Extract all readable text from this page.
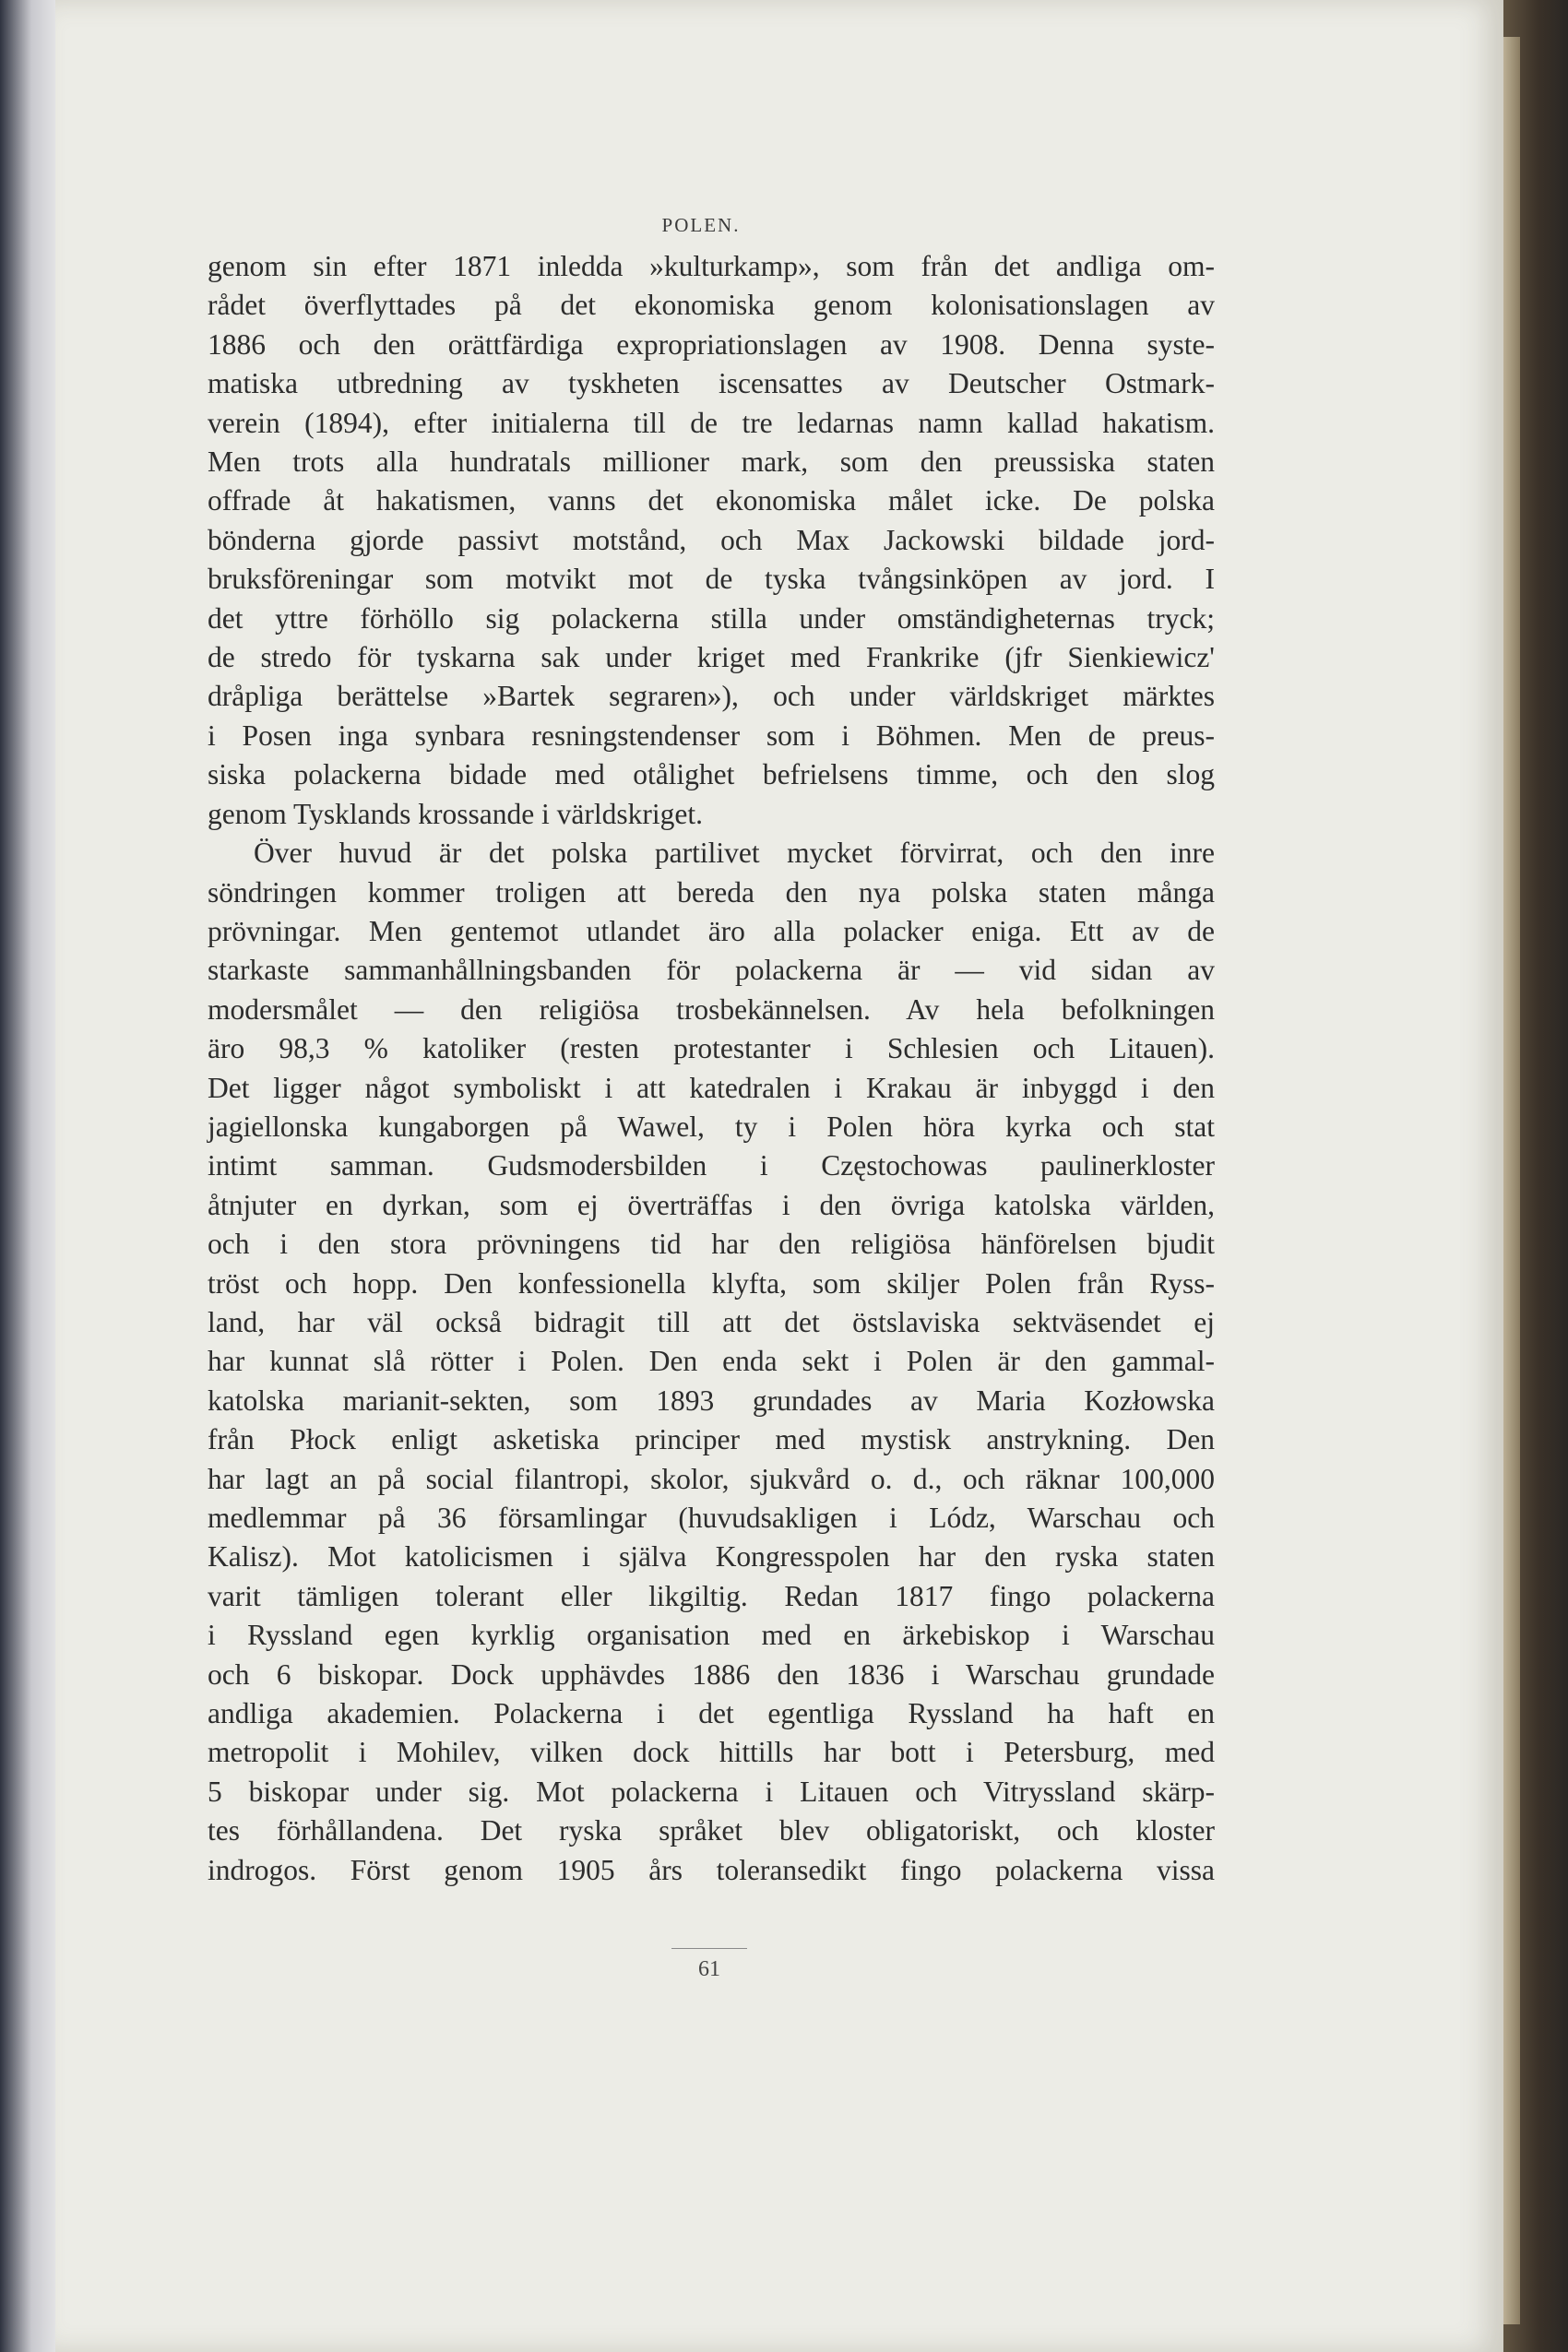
POLEN.
genom sin efter 1871 inledda »kulturkamp», som från det andliga om-
rådet överflyttades på det ekonomiska genom kolonisationslagen av
1886 och den orättfärdiga expropriationslagen av 1908. Denna syste-
matiska utbredning av tyskheten iscensattes av Deutscher Ostmark-
verein (1894), efter initialerna till de tre ledarnas namn kallad hakatism.
Men trots alla hundratals millioner mark, som den preussiska staten
offrade åt hakatismen, vanns det ekonomiska målet icke. De polska
bönderna gjorde passivt motstånd, och Max Jackowski bildade jord-
bruksföreningar som motvikt mot de tyska tvångsinköpen av jord. I
det yttre förhöllo sig polackerna stilla under omständigheternas tryck;
de stredo för tyskarna sak under kriget med Frankrike (jfr Sienkiewicz'
dråpliga berättelse »Bartek segraren»), och under världskriget märktes
i Posen inga synbara resningstendenser som i Böhmen. Men de preus-
siska polackerna bidade med otålighet befrielsens timme, och den slog
genom Tysklands krossande i världskriget.
Över huvud är det polska partilivet mycket förvirrat, och den inre
söndringen kommer troligen att bereda den nya polska staten många
prövningar. Men gentemot utlandet äro alla polacker eniga. Ett av de
starkaste sammanhållningsbanden för polackerna är — vid sidan av
modersmålet — den religiösa trosbekännelsen. Av hela befolkningen
äro 98,3 % katoliker (resten protestanter i Schlesien och Litauen).
Det ligger något symboliskt i att katedralen i Krakau är inbyggd i den
jagiellonska kungaborgen på Wawel, ty i Polen höra kyrka och stat
intimt samman. Gudsmodersbilden i Częstochowas paulinerkloster
åtnjuter en dyrkan, som ej överträffas i den övriga katolska världen,
och i den stora prövningens tid har den religiösa hänförelsen bjudit
tröst och hopp. Den konfessionella klyfta, som skiljer Polen från Ryss-
land, har väl också bidragit till att det östslaviska sektväsendet ej
har kunnat slå rötter i Polen. Den enda sekt i Polen är den gammal-
katolska marianit-sekten, som 1893 grundades av Maria Kozłowska
från Płock enligt asketiska principer med mystisk anstrykning. Den
har lagt an på social filantropi, skolor, sjukvård o. d., och räknar 100,000
medlemmar på 36 församlingar (huvudsakligen i Lódz, Warschau och
Kalisz). Mot katolicismen i själva Kongresspolen har den ryska staten
varit tämligen tolerant eller likgiltig. Redan 1817 fingo polackerna
i Ryssland egen kyrklig organisation med en ärkebiskop i Warschau
och 6 biskopar. Dock upphävdes 1886 den 1836 i Warschau grundade
andliga akademien. Polackerna i det egentliga Ryssland ha haft en
metropolit i Mohilev, vilken dock hittills har bott i Petersburg, med
5 biskopar under sig. Mot polackerna i Litauen och Vitryssland skärp-
tes förhållandena. Det ryska språket blev obligatoriskt, och kloster
indrogos. Först genom 1905 års toleransedikt fingo polackerna vissa
61
